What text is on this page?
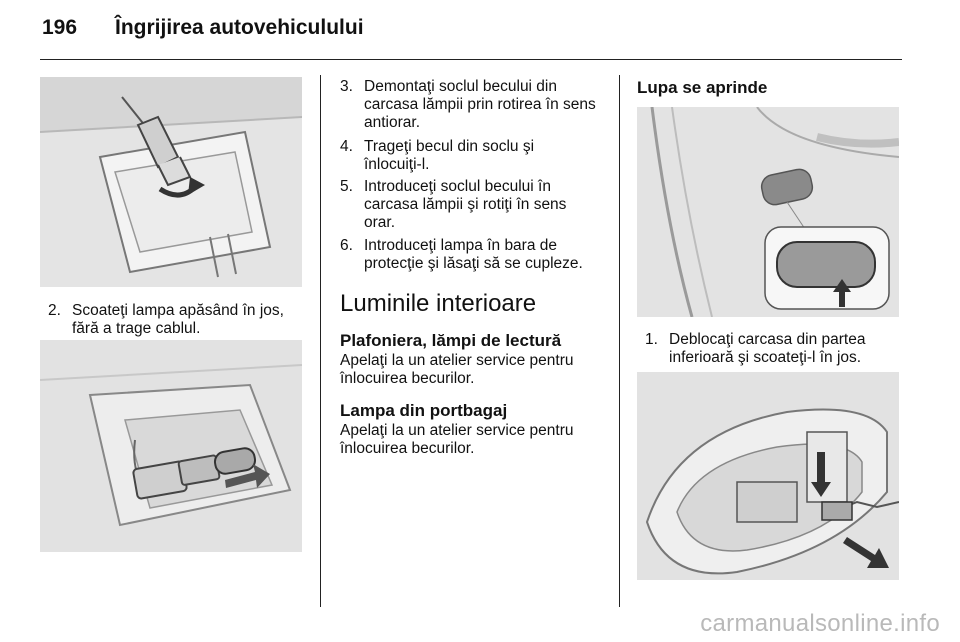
196 Îngrijirea autovehiculului
2. Scoateţi lampa apăsând în jos,
fără a trage cablul.
3. Demontaţi soclul becului din
carcasa lămpii prin rotirea în sens
antiorar.
4. Trageţi becul din soclu şi
înlocuiţi-l.
5. Introduceţi soclul becului în
carcasa lămpii şi rotiţi în sens
orar.
6. Introduceţi lampa în bara de
protecţie şi lăsaţi să se cupleze.
Luminile interioare
Plafoniera, lămpi de lectură
Apelaţi la un atelier service pentru
înlocuirea becurilor.
Lampa din portbagaj
Apelaţi la un atelier service pentru
înlocuirea becurilor.
Lupa se aprinde
1. Deblocaţi carcasa din partea
inferioară şi scoateţi-l în jos.
carmanualsonline.info
